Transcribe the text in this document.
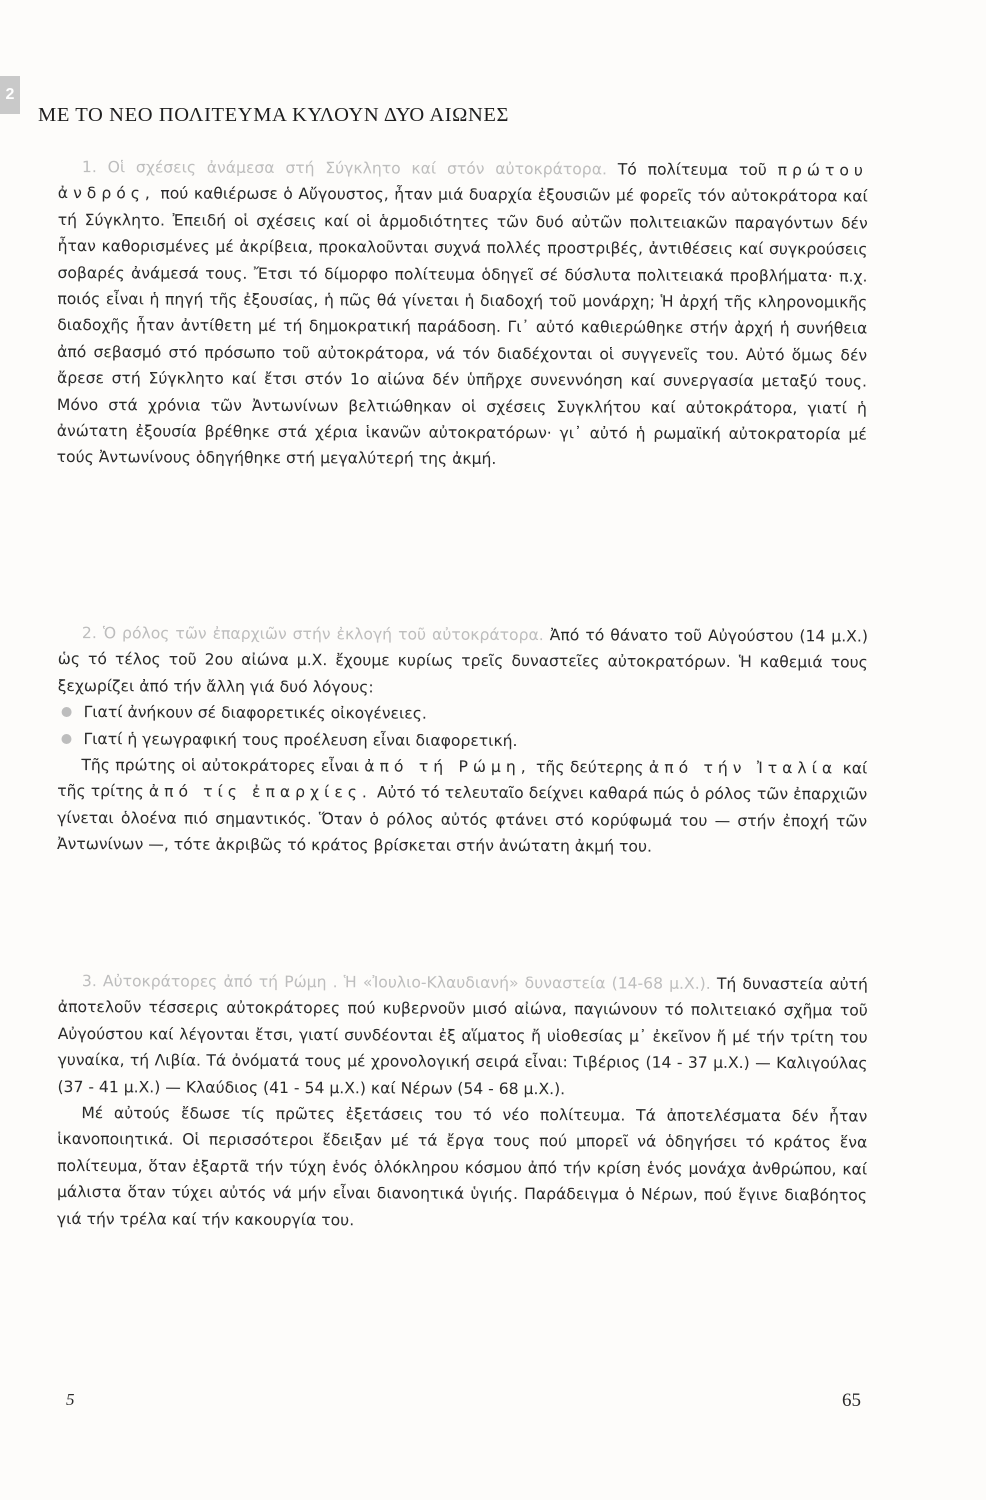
2
ΜΕ ΤΟ ΝΕΟ ΠΟΛΙΤΕΥΜΑ ΚΥΛΟΥΝ ΔΥΟ ΑΙΩΝΕΣ

1. Οἱ σχέσεις ἀνάμεσα στή Σύγκλητο καί στόν αὐτοκράτορα. Τό πολίτευμα τοῦ πρώτου ἀνδρός, πού καθιέρωσε ὁ Αὔγουστος, ἦταν μιά δυαρχία ἐξουσιῶν μέ φορεῖς τόν αὐτοκράτορα καί τή Σύγκλητο. Ἐπειδή οἱ σχέσεις καί οἱ ἁρμοδιότητες τῶν δυό αὐτῶν πολιτειακῶν παραγόντων δέν ἦταν καθορισμένες μέ ἀκρίβεια, προκαλοῦνται συχνά πολλές προστριβές, ἀντιθέσεις καί συγκρούσεις σοβαρές ἀνάμεσά τους. Ἔτσι τό δίμορφο πολίτευμα ὁδηγεῖ σέ δύσλυτα πολιτειακά προβλήματα· π.χ. ποιός εἶναι ἡ πηγή τῆς ἐξουσίας, ἡ πῶς θά γίνεται ἡ διαδοχή τοῦ μονάρχη; Ἡ ἀρχή τῆς κληρονομικῆς διαδοχῆς ἦταν ἀντίθετη μέ τή δημοκρατική παράδοση. Γι᾿ αὐτό καθιερώθηκε στήν ἀρχή ἡ συνήθεια ἀπό σεβασμό στό πρόσωπο τοῦ αὐτοκράτορα, νά τόν διαδέχονται οἱ συγγενεῖς του. Αὐτό ὅμως δέν ἄρεσε στή Σύγκλητο καί ἔτσι στόν 1ο αἰώνα δέν ὑπῆρχε συνεννόηση καί συνεργασία μεταξύ τους. Μόνο στά χρόνια τῶν Ἀντωνίνων βελτιώθηκαν οἱ σχέσεις Συγκλήτου καί αὐτοκράτορα, γιατί ἡ ἀνώτατη ἐξουσία βρέθηκε στά χέρια ἱκανῶν αὐτοκρατόρων· γι᾿ αὐτό ἡ ρωμαϊκή αὐτοκρατορία μέ τούς Ἀντωνίνους ὁδηγήθηκε στή μεγαλύτερή της ἀκμή.

2. Ὁ ρόλος τῶν ἐπαρχιῶν στήν ἐκλογή τοῦ αὐτοκράτορα. Ἀπό τό θάνατο τοῦ Αὐγούστου (14 μ.Χ.) ὡς τό τέλος τοῦ 2ου αἰώνα μ.Χ. ἔχουμε κυρίως τρεῖς δυναστεῖες αὐτοκρατόρων. Ἡ καθεμιά τους ξεχωρίζει ἀπό τήν ἄλλη γιά δυό λόγους:

Γιατί ἀνήκουν σέ διαφορετικές οἰκογένειες.
Γιατί ἡ γεωγραφική τους προέλευση εἶναι διαφορετική.

Τῆς πρώτης οἱ αὐτοκράτορες εἶναι ἀπό τή Ρώμη, τῆς δεύτερης ἀπό τήν Ἰταλία καί τῆς τρίτης ἀπό τίς ἐπαρχίες. Αὐτό τό τελευταῖο δείχνει καθαρά πώς ὁ ρόλος τῶν ἐπαρχιῶν γίνεται ὁλοένα πιό σημαντικός. Ὅταν ὁ ρόλος αὐτός φτάνει στό κορύφωμά του — στήν ἐποχή τῶν Ἀντωνίνων —, τότε ἀκριβῶς τό κράτος βρίσκεται στήν ἀνώτατη ἀκμή του.

3. Αὐτοκράτορες ἀπό τή Ρώμη . Ἡ «Ἰουλιο-Κλαυδιανή» δυναστεία (14-68 μ.Χ.). Τή δυναστεία αὐτή ἀποτελοῦν τέσσερις αὐτοκράτορες πού κυβερνοῦν μισό αἰώνα, παγιώνουν τό πολιτειακό σχῆμα τοῦ Αὐγούστου καί λέγονται ἔτσι, γιατί συνδέονται ἐξ αἵματος ἤ υἱοθεσίας μ᾿ ἐκεῖνον ἤ μέ τήν τρίτη του γυναίκα, τή Λιβία. Τά ὀνόματά τους μέ χρονολογική σειρά εἶναι: Τιβέριος (14 - 37 μ.Χ.) — Καλιγούλας (37 - 41 μ.Χ.) — Κλαύδιος (41 - 54 μ.Χ.) καί Νέρων (54 - 68 μ.Χ.).

Μέ αὐτούς ἔδωσε τίς πρῶτες ἐξετάσεις του τό νέο πολίτευμα. Τά ἀποτελέσματα δέν ἦταν ἱκανοποιητικά. Οἱ περισσότεροι ἔδειξαν μέ τά ἔργα τους πού μπορεῖ νά ὁδηγήσει τό κράτος ἕνα πολίτευμα, ὅταν ἐξαρτᾶ τήν τύχη ἑνός ὁλόκληρου κόσμου ἀπό τήν κρίση ἑνός μονάχα ἀνθρώπου, καί μάλιστα ὅταν τύχει αὐτός νά μήν εἶναι διανοητικά ὑγιής. Παράδειγμα ὁ Νέρων, πού ἔγινε διαβόητος γιά τήν τρέλα καί τήν κακουργία του.

5	65
